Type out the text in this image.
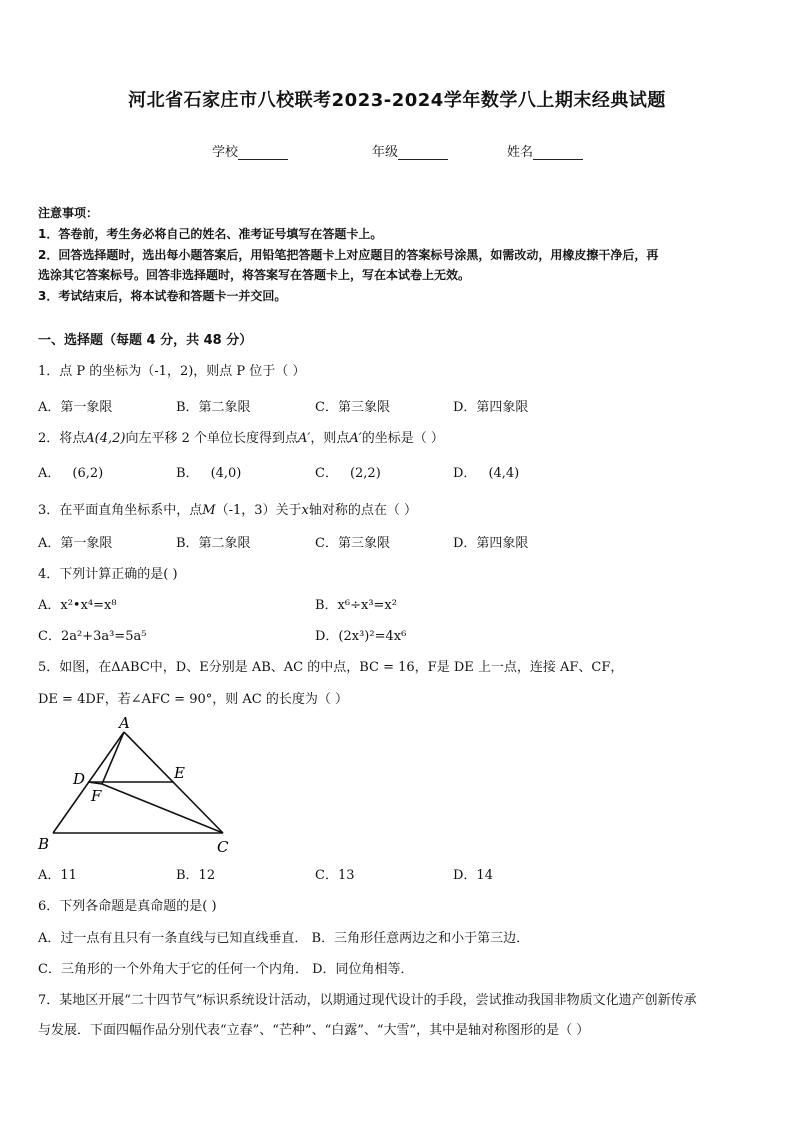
河北省石家庄市八校联考2023-2024学年数学八上期末经典试题
学校	年级	姓名
注意事项：
1．答卷前，考生务必将自己的姓名、准考证号填写在答题卡上。
2．回答选择题时，选出每小题答案后，用铅笔把答题卡上对应题目的答案标号涂黑，如需改动，用橡皮擦干净后，再
选涂其它答案标号。回答非选择题时，将答案写在答题卡上，写在本试卷上无效。
3．考试结束后，将本试卷和答题卡一并交回。
一、选择题（每题 4 分，共 48 分）
1．点 P 的坐标为（-1，2)，则点 P 位于（ ）
A．第一象限	B．第二象限	C．第三象限	D．第四象限
2．将点A(4,2)向左平移 2 个单位长度得到点A′，则点A′的坐标是（ ）
A． (6,2)	B． (4,0)	C． (2,2)	D． (4,4)
3．在平面直角坐标系中，点M（-1，3）关于x轴对称的点在（ ）
A．第一象限	B．第二象限	C．第三象限	D．第四象限
4．下列计算正确的是( )
A．x²•x⁴=x⁸	B．x⁶÷x³=x²
C．2a²+3a³=5a⁵	D．(2x³)²=4x⁶
5．如图，在ΔABC中，D、E分别是 AB、AC 的中点，BC = 16，F是 DE 上一点，连接 AF、CF，
DE = 4DF，若∠AFC = 90°，则 AC 的长度为（ ）
A
D	E
F
B	C
A．11	B．12	C．13	D．14
6．下列各命题是真命题的是( )
A．过一点有且只有一条直线与已知直线垂直． B．三角形任意两边之和小于第三边．
C．三角形的一个外角大于它的任何一个内角． D．同位角相等．
7．某地区开展“二十四节气”标识系统设计活动，以期通过现代设计的手段，尝试推动我国非物质文化遗产创新传承
与发展．下面四幅作品分别代表“立春”、“芒种”、“白露”、“大雪”，其中是轴对称图形的是（ ）
